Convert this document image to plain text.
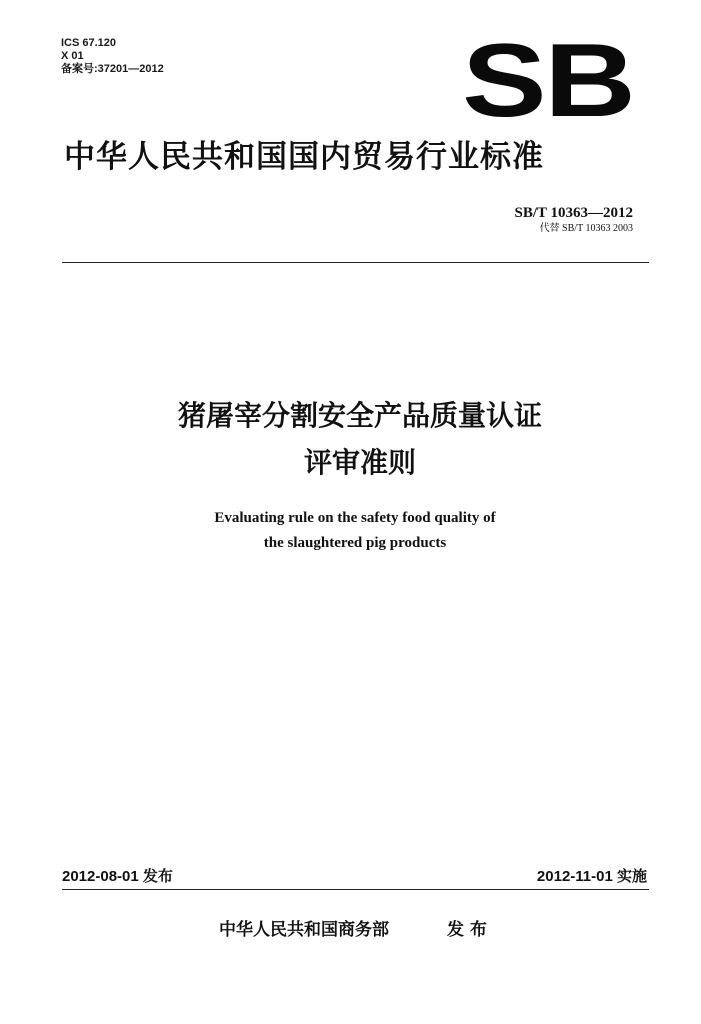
ICS 67.120
X 01
备案号:37201—2012	SB
中华人民共和国国内贸易行业标准
SB/T 10363—2012
代替 SB/T 10363 2003
猪屠宰分割安全产品质量认证
评审准则
Evaluating rule on the safety food quality of
the slaughtered pig products
2012-08-01 发布	2012-11-01 实施
中华人民共和国商务部	发 布
